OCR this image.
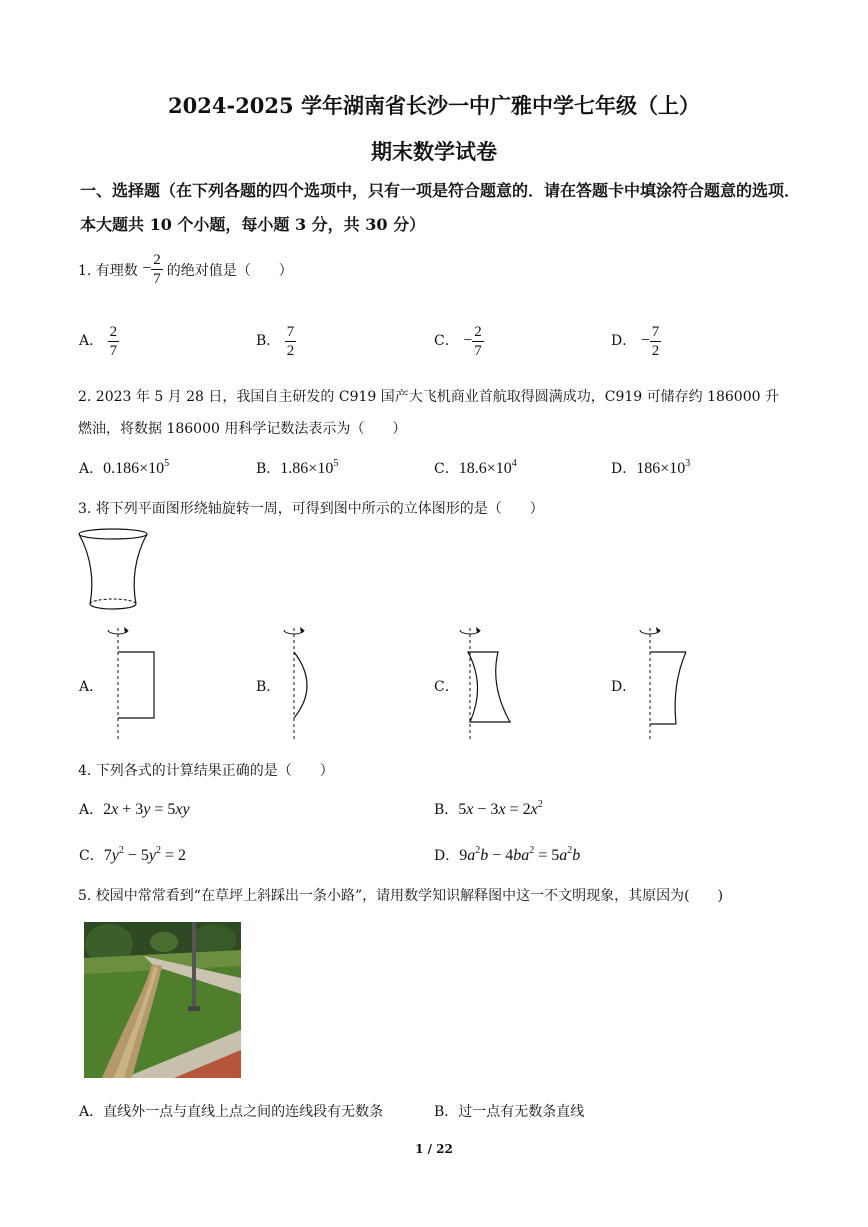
2024-2025 学年湖南省长沙一中广雅中学七年级（上）
期末数学试卷
一、选择题（在下列各题的四个选项中，只有一项是符合题意的．请在答题卡中填涂符合题意的选项．本大题共 10 个小题，每小题 3 分，共 30 分）
1. 有理数 − $\frac{2}{7}$ 的绝对值是（　　）
A． $\frac{2}{7}$	B． $\frac{7}{2}$	C． − $\frac{2}{7}$	D． − $\frac{7}{2}$
2. 2023 年 5 月 28 日，我国自主研发的 C919 国产大飞机商业首航取得圆满成功，C919 可储存约 186000 升
燃油，将数据 186000 用科学记数法表示为（　　）
A．$0.186\times 10^5$	B．$1.86\times 10^5$	C．$18.6\times 10^4$	D．$186\times 10^3$
3. 将下列平面图形绕轴旋转一周，可得到图中所示的立体图形的是（　　）
A．	B．	C．	D．
4. 下列各式的计算结果正确的是（　　）
A．2x + 3y = 5xy	B．$5x - 3x = 2x^2$
C．$7y^2 - 5y^2 = 2$	D．$9a^2b - 4ba^2 = 5a^2b$
5. 校园中常常看到“在草坪上斜踩出一条小路”，请用数学知识解释图中这一不文明现象，其原因为(　　)
A．直线外一点与直线上点之间的连线段有无数条	B．过一点有无数条直线
1 / 22
